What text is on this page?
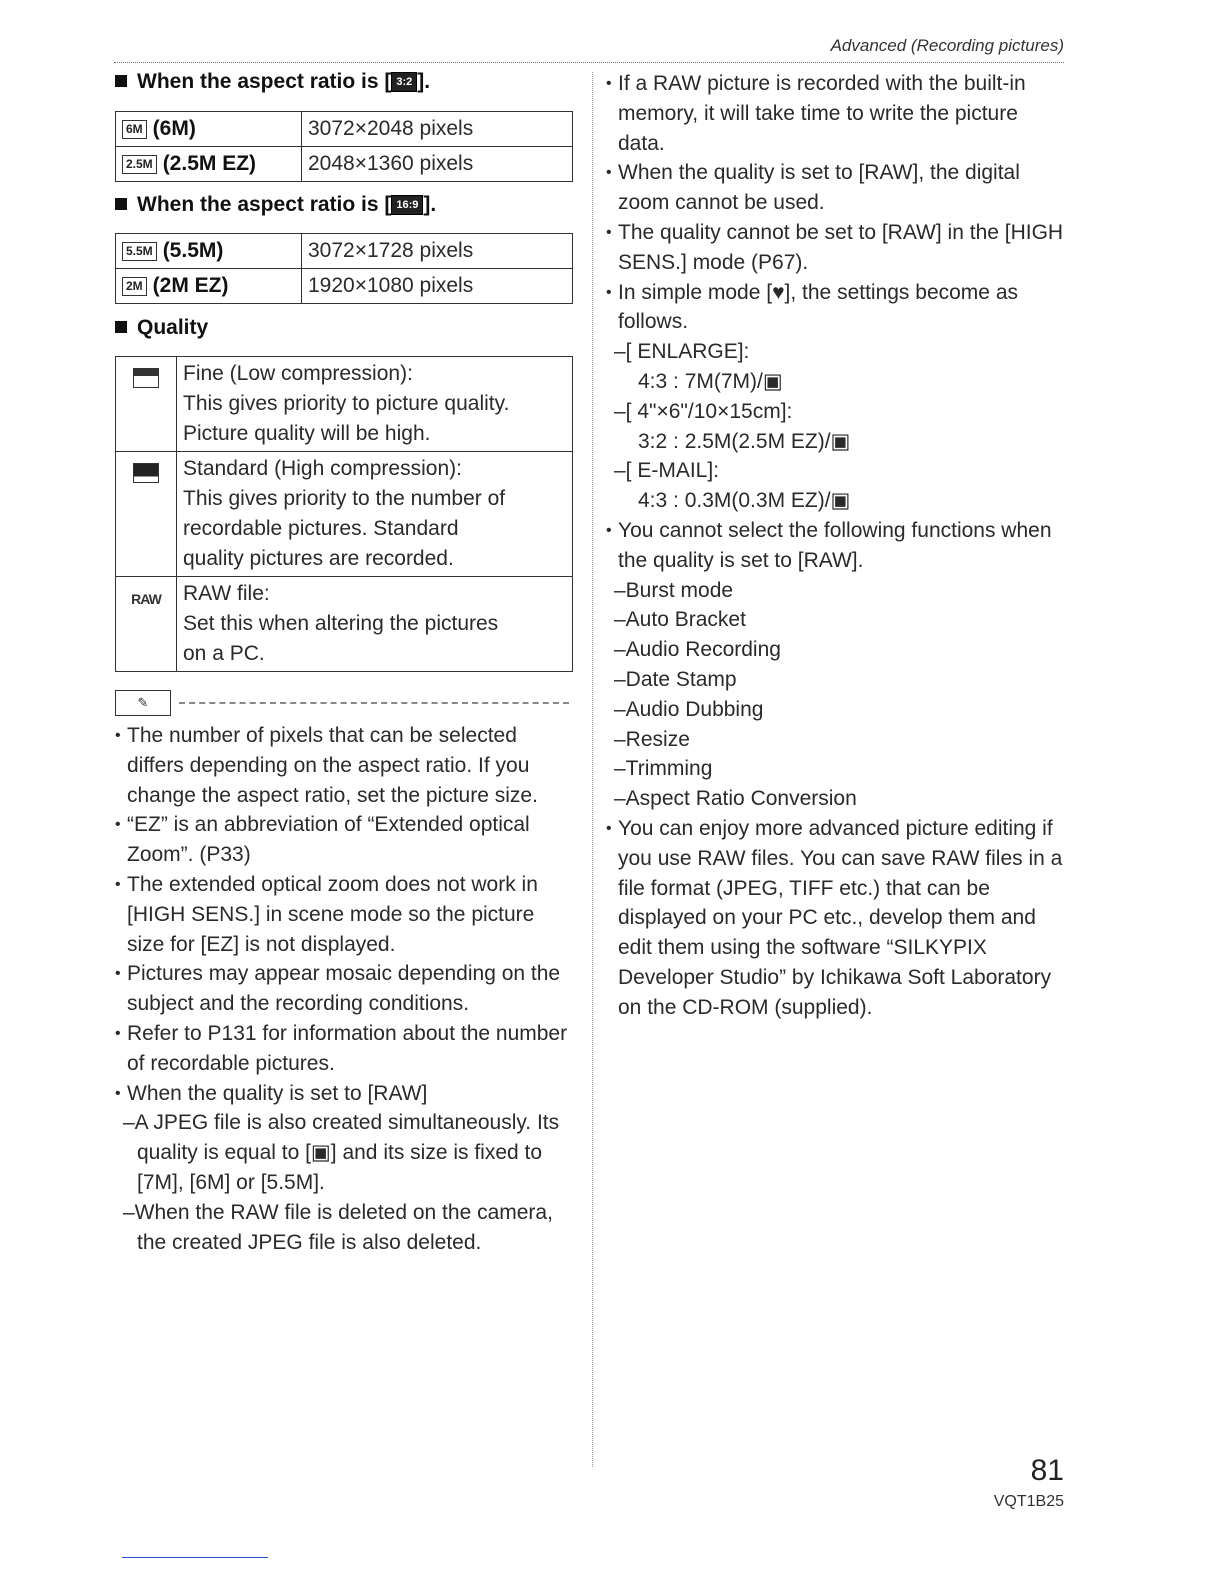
Advanced (Recording pictures)
When the aspect ratio is [ 3:2 ].
6M (6M)	3072×2048 pixels
2.5M (2.5M EZ)	2048×1360 pixels
When the aspect ratio is [ 16:9 ].
5.5M (5.5M)	3072×1728 pixels
2M (2M EZ)	1920×1080 pixels
Quality

	Fine (Low compression):
This gives priority to picture quality.
Picture quality will be high.

	Standard (High compression):
This gives priority to the number of
recordable pictures. Standard
quality pictures are recorded.

RAW	RAW file:
Set this when altering the pictures
on a PC.
✎
• The number of pixels that can be selected differs depending on the aspect ratio. If you change the aspect ratio, set the picture size.
• “EZ” is an abbreviation of “Extended optical Zoom”. (P33)
• The extended optical zoom does not work in [HIGH SENS.] in scene mode so the picture size for [EZ] is not displayed.
• Pictures may appear mosaic depending on the subject and the recording conditions.
• Refer to P131 for information about the number of recordable pictures.
• When the quality is set to [RAW]
–A JPEG file is also created simultaneously. Its quality is equal to [▣] and its size is fixed to [7M], [6M] or [5.5M].
–When the RAW file is deleted on the camera, the created JPEG file is also deleted.
• If a RAW picture is recorded with the built-in memory, it will take time to write the picture data.
• When the quality is set to [RAW], the digital zoom cannot be used.
• The quality cannot be set to [RAW] in the [HIGH SENS.] mode (P67).
• In simple mode [♥], the settings become as follows.
–[ ENLARGE]:
4:3 : 7M(7M)/▣
–[ 4"×6"/10×15cm]:
3:2 : 2.5M(2.5M EZ)/▣
–[ E-MAIL]:
4:3 : 0.3M(0.3M EZ)/▣
• You cannot select the following functions when the quality is set to [RAW].
–Burst mode
–Auto Bracket
–Audio Recording
–Date Stamp
–Audio Dubbing
–Resize
–Trimming
–Aspect Ratio Conversion
• You can enjoy more advanced picture editing if you use RAW files. You can save RAW files in a file format (JPEG, TIFF etc.) that can be displayed on your PC etc., develop them and edit them using the software “SILKYPIX Developer Studio” by Ichikawa Soft Laboratory on the CD-ROM (supplied).
81
VQT1B25
